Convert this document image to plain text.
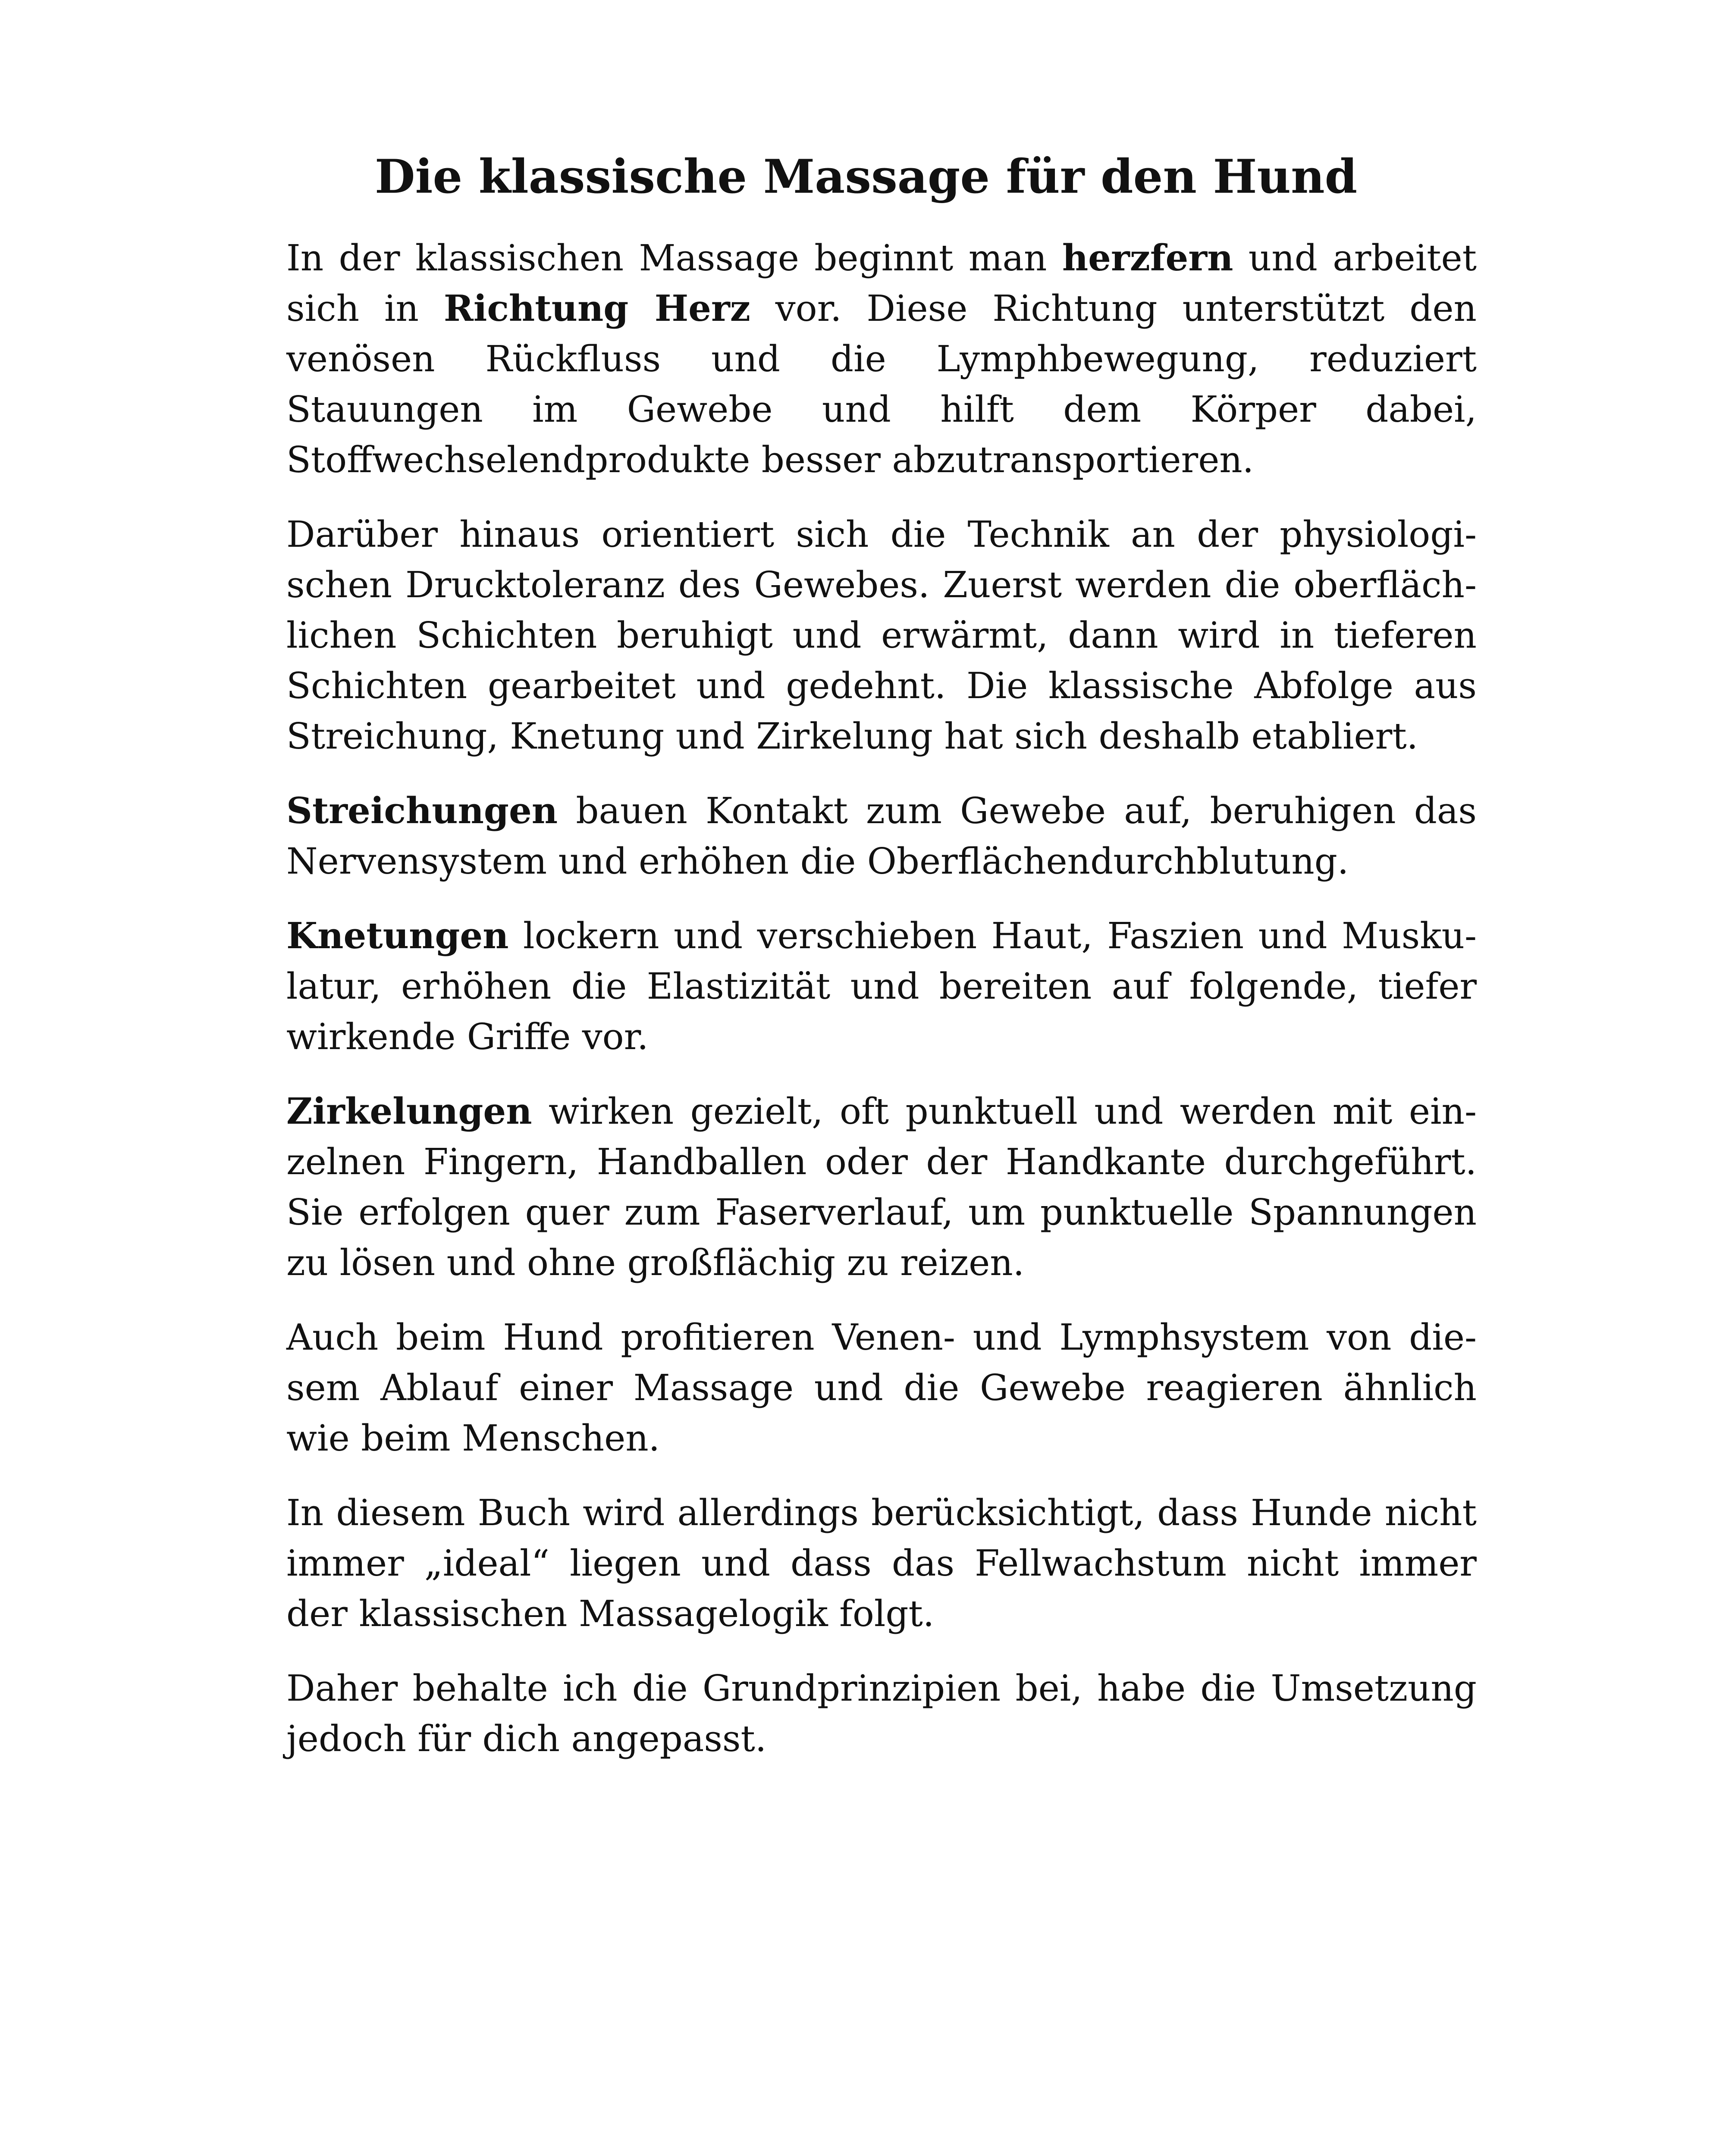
Die klassische Massage für den Hund

In der klassischen Massage beginnt man herzfern und arbeitet sich in Richtung Herz vor. Diese Richtung unterstützt den venösen Rückfluss und die Lymphbewegung, reduziert Stauungen im Gewebe und hilft dem Körper dabei, Stoffwechselendprodukte besser abzutransportieren.

Darüber hinaus orientiert sich die Technik an der physiologischen Drucktoleranz des Gewebes. Zuerst werden die oberflächlichen Schichten beruhigt und erwärmt, dann wird in tieferen Schichten gearbeitet und gedehnt. Die klassische Abfolge aus Streichung, Knetung und Zirkelung hat sich deshalb etabliert.

Streichungen bauen Kontakt zum Gewebe auf, beruhigen das Nervensystem und erhöhen die Oberflächendurchblutung.

Knetungen lockern und verschieben Haut, Faszien und Muskulatur, erhöhen die Elastizität und bereiten auf folgende, tiefer wirkende Griffe vor.

Zirkelungen wirken gezielt, oft punktuell und werden mit einzelnen Fingern, Handballen oder der Handkante durchgeführt. Sie erfolgen quer zum Faserverlauf, um punktuelle Spannungen zu lösen und ohne großflächig zu reizen.

Auch beim Hund profitieren Venen- und Lymphsystem von diesem Ablauf einer Massage und die Gewebe reagieren ähnlich wie beim Menschen.

In diesem Buch wird allerdings berücksichtigt, dass Hunde nicht immer „ideal“ liegen und dass das Fellwachstum nicht immer der klassischen Massagelogik folgt.

Daher behalte ich die Grundprinzipien bei, habe die Umsetzung jedoch für dich angepasst.
